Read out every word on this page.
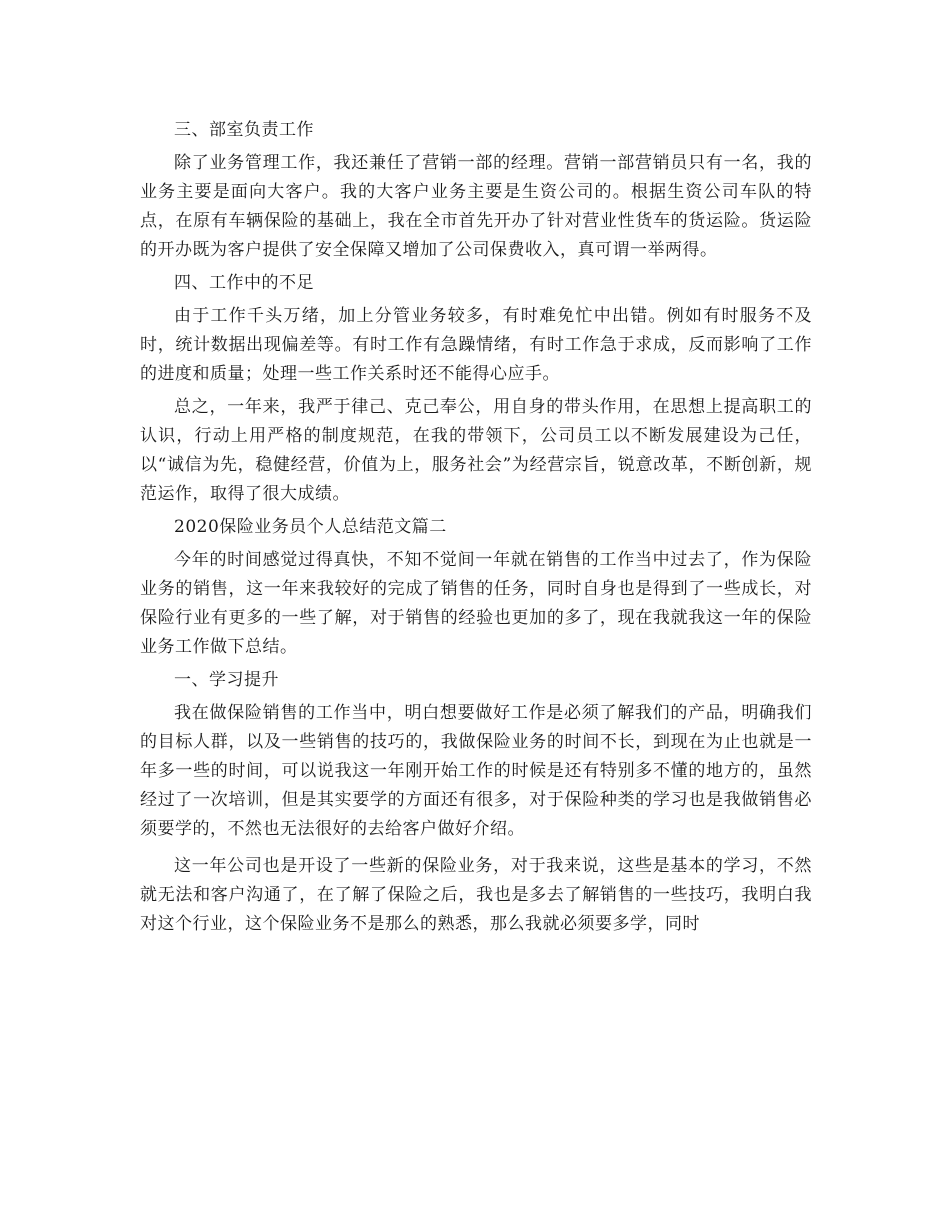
三、部室负责工作

除了业务管理工作，我还兼任了营销一部的经理。营销一部营销员只有一名，我的业务主要是面向大客户。我的大客户业务主要是生资公司的。根据生资公司车队的特点，在原有车辆保险的基础上，我在全市首先开办了针对营业性货车的货运险。货运险的开办既为客户提供了安全保障又增加了公司保费收入，真可谓一举两得。

四、工作中的不足

由于工作千头万绪，加上分管业务较多，有时难免忙中出错。例如有时服务不及时，统计数据出现偏差等。有时工作有急躁情绪，有时工作急于求成，反而影响了工作的进度和质量；处理一些工作关系时还不能得心应手。

总之，一年来，我严于律己、克己奉公，用自身的带头作用，在思想上提高职工的认识，行动上用严格的制度规范，在我的带领下，公司员工以不断发展建设为己任，以“诚信为先，稳健经营，价值为上，服务社会”为经营宗旨，锐意改革，不断创新，规范运作，取得了很大成绩。

2020保险业务员个人总结范文篇二

今年的时间感觉过得真快，不知不觉间一年就在销售的工作当中过去了，作为保险业务的销售，这一年来我较好的完成了销售的任务，同时自身也是得到了一些成长，对保险行业有更多的一些了解，对于销售的经验也更加的多了，现在我就我这一年的保险业务工作做下总结。

一、学习提升

我在做保险销售的工作当中，明白想要做好工作是必须了解我们的产品，明确我们的目标人群，以及一些销售的技巧的，我做保险业务的时间不长，到现在为止也就是一年多一些的时间，可以说我这一年刚开始工作的时候是还有特别多不懂的地方的，虽然经过了一次培训，但是其实要学的方面还有很多，对于保险种类的学习也是我做销售必须要学的，不然也无法很好的去给客户做好介绍。

这一年公司也是开设了一些新的保险业务，对于我来说，这些是基本的学习，不然就无法和客户沟通了，在了解了保险之后，我也是多去了解销售的一些技巧，我明白我对这个行业，这个保险业务不是那么的熟悉，那么我就必须要多学，同时
